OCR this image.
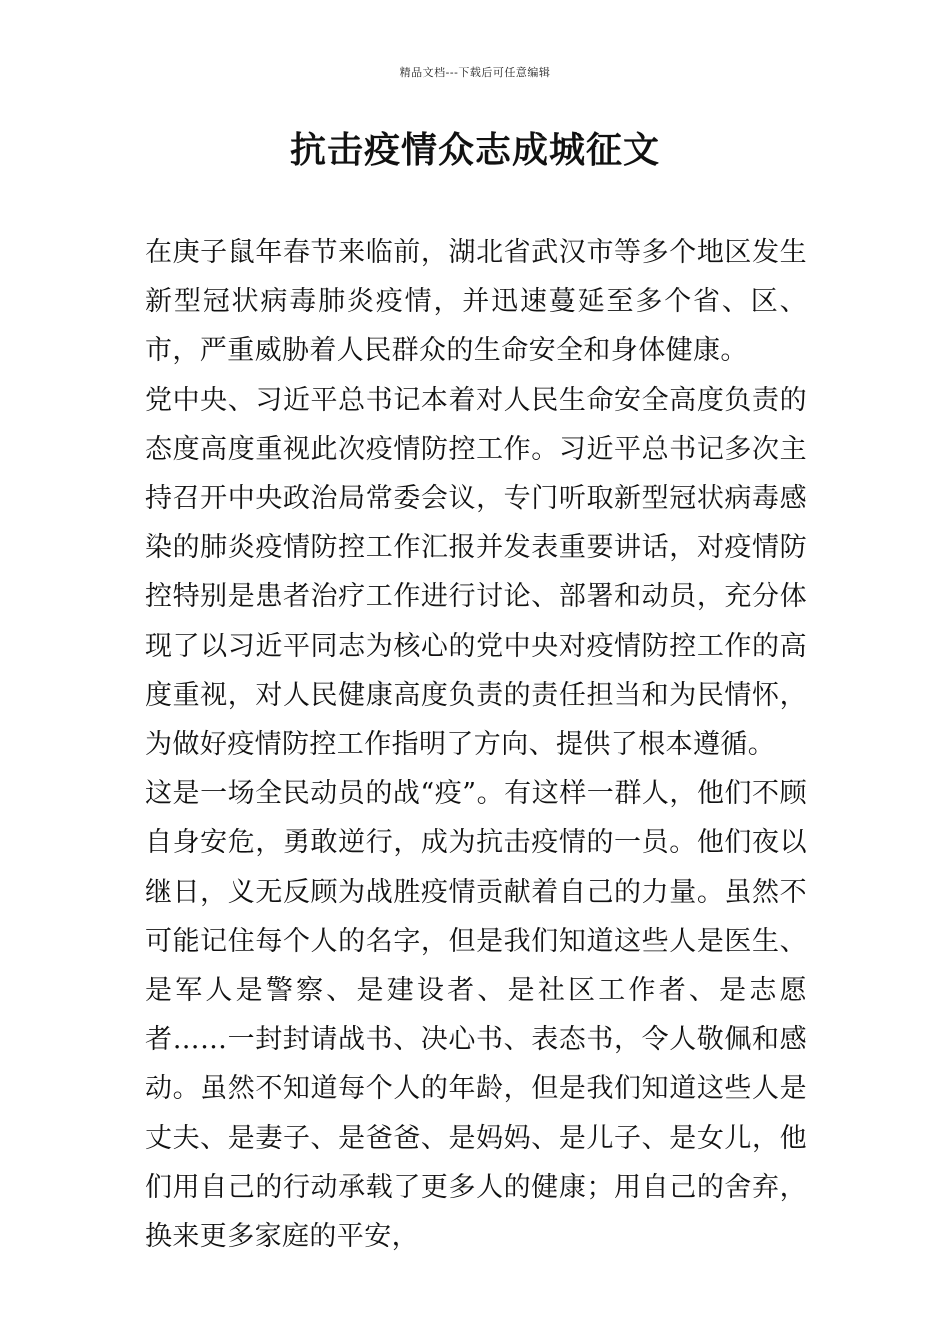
精品文档---下载后可任意编辑
抗击疫情众志成城征文

在庚子鼠年春节来临前，湖北省武汉市等多个地区发生新型冠状病毒肺炎疫情，并迅速蔓延至多个省、区、市，严重威胁着人民群众的生命安全和身体健康。

党中央、习近平总书记本着对人民生命安全高度负责的态度高度重视此次疫情防控工作。习近平总书记多次主持召开中央政治局常委会议，专门听取新型冠状病毒感染的肺炎疫情防控工作汇报并发表重要讲话，对疫情防控特别是患者治疗工作进行讨论、部署和动员，充分体现了以习近平同志为核心的党中央对疫情防控工作的高度重视，对人民健康高度负责的责任担当和为民情怀，为做好疫情防控工作指明了方向、提供了根本遵循。

这是一场全民动员的战“疫”。有这样一群人，他们不顾自身安危，勇敢逆行，成为抗击疫情的一员。他们夜以继日，义无反顾为战胜疫情贡献着自己的力量。虽然不可能记住每个人的名字，但是我们知道这些人是医生、是军人是警察、是建设者、是社区工作者、是志愿者……一封封请战书、决心书、表态书，令人敬佩和感动。虽然不知道每个人的年龄，但是我们知道这些人是丈夫、是妻子、是爸爸、是妈妈、是儿子、是女儿，他们用自己的行动承载了更多人的健康；用自己的舍弃，换来更多家庭的平安，
